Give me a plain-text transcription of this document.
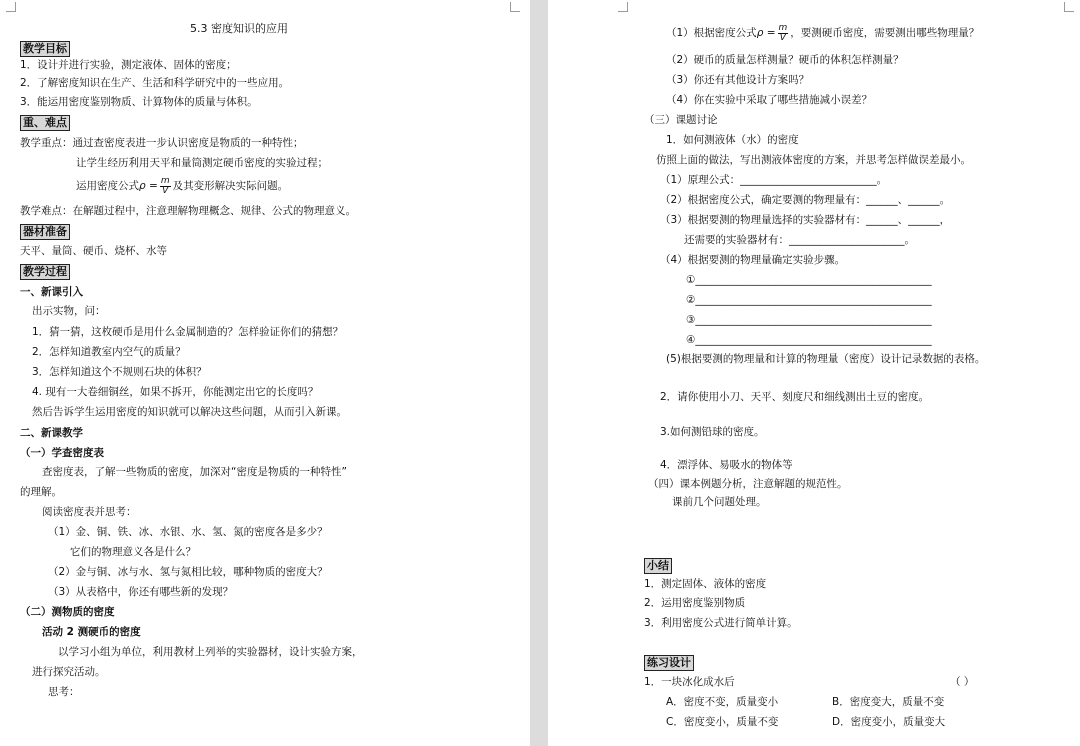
5.3 密度知识的应用
教学目标
1．设计并进行实验，测定液体、固体的密度；
2．了解密度知识在生产、生活和科学研究中的一些应用。
3．能运用密度鉴别物质、计算物体的质量与体积。
重、难点
教学重点：通过查密度表进一步认识密度是物质的一种特性；
让学生经历利用天平和量筒测定硬币密度的实验过程；
运用密度公式$\rho = \frac{m}{V}$ 及其变形解决实际问题。
教学难点：在解题过程中，注意理解物理概念、规律、公式的物理意义。
器材准备
天平、量筒、硬币、烧杯、水等
教学过程
一、新课引入
出示实物，问：
1．猜一猜，这枚硬币是用什么金属制造的？怎样验证你们的猜想？
2．怎样知道教室内空气的质量？
3．怎样知道这个不规则石块的体积？
4. 现有一大卷细铜丝，如果不拆开，你能测定出它的长度吗？
然后告诉学生运用密度的知识就可以解决这些问题，从而引入新课。
二、新课教学
（一）学查密度表
查密度表，了解一些物质的密度，加深对“密度是物质的一种特性”
的理解。
阅读密度表并思考：
（1）金、铜、铁、冰、水银、水、氢、氮的密度各是多少？
它们的物理意义各是什么？
（2）金与铜、冰与水、氢与氮相比较，哪种物质的密度大？
（3）从表格中，你还有哪些新的发现？
（二）测物质的密度
活动 2 测硬币的密度
以学习小组为单位，利用教材上列举的实验器材，设计实验方案，
进行探究活动。
思考：
（1）根据密度公式$\rho = \frac{m}{V}$ ，要测硬币密度，需要测出哪些物理量？
（2）硬币的质量怎样测量？硬币的体积怎样测量？
（3）你还有其他设计方案吗？
（4）你在实验中采取了哪些措施减小误差？
（三）课题讨论
1．如何测液体（水）的密度
仿照上面的做法，写出测液体密度的方案，并思考怎样做误差最小。
（1）原理公式：__________________________。
（2）根据密度公式，确定要测的物理量有：______、______。
（3）根据要测的物理量选择的实验器材有：______、______，
还需要的实验器材有：______________________。
（4）根据要测的物理量确定实验步骤。
①_____________________________________________
②_____________________________________________
③_____________________________________________
④_____________________________________________
(5)根据要测的物理量和计算的物理量（密度）设计记录数据的表格。
2．请你使用小刀、天平、刻度尺和细线测出土豆的密度。
3.如何测铅球的密度。
4．漂浮体、易吸水的物体等
（四）课本例题分析，注意解题的规范性。
课前几个问题处理。
小结
1．测定固体、液体的密度
2．运用密度鉴别物质
3．利用密度公式进行简单计算。
练习设计
1．一块冰化成水后	（ ）
A．密度不变，质量变小	B．密度变大，质量不变
C．密度变小，质量不变	D．密度变小，质量变大
